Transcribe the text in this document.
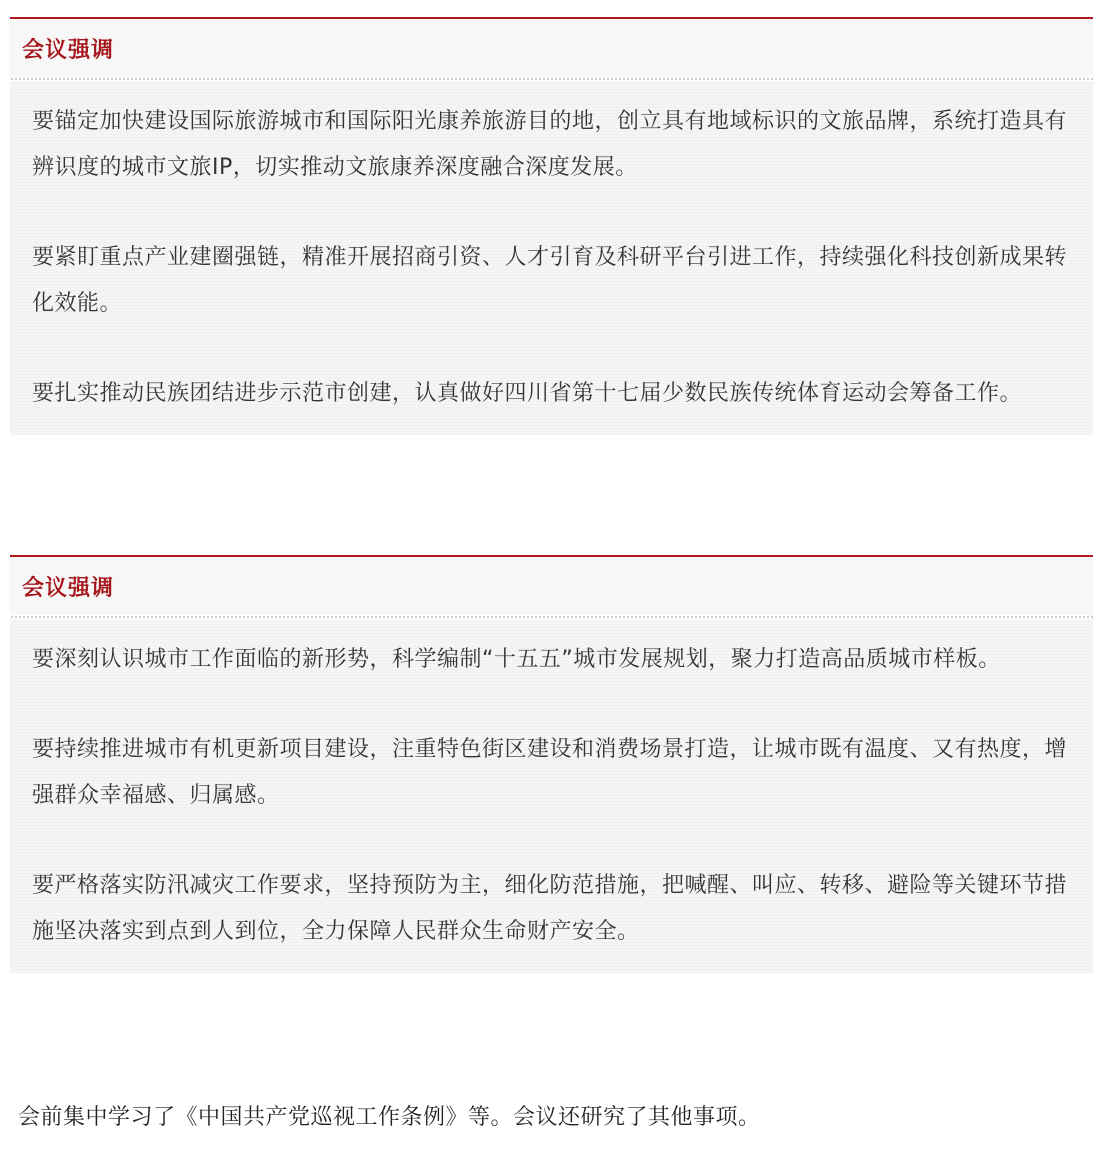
会议强调

要锚定加快建设国际旅游城市和国际阳光康养旅游目的地，创立具有地域标识的文旅品牌，系统打造具有辨识度的城市文旅IP，切实推动文旅康养深度融合深度发展。

要紧盯重点产业建圈强链，精准开展招商引资、人才引育及科研平台引进工作，持续强化科技创新成果转化效能。

要扎实推动民族团结进步示范市创建，认真做好四川省第十七届少数民族传统体育运动会筹备工作。

会议强调

要深刻认识城市工作面临的新形势，科学编制“十五五”城市发展规划，聚力打造高品质城市样板。

要持续推进城市有机更新项目建设，注重特色街区建设和消费场景打造，让城市既有温度、又有热度，增强群众幸福感、归属感。

要严格落实防汛减灾工作要求，坚持预防为主，细化防范措施，把喊醒、叫应、转移、避险等关键环节措施坚决落实到点到人到位，全力保障人民群众生命财产安全。

会前集中学习了《中国共产党巡视工作条例》等。会议还研究了其他事项。
